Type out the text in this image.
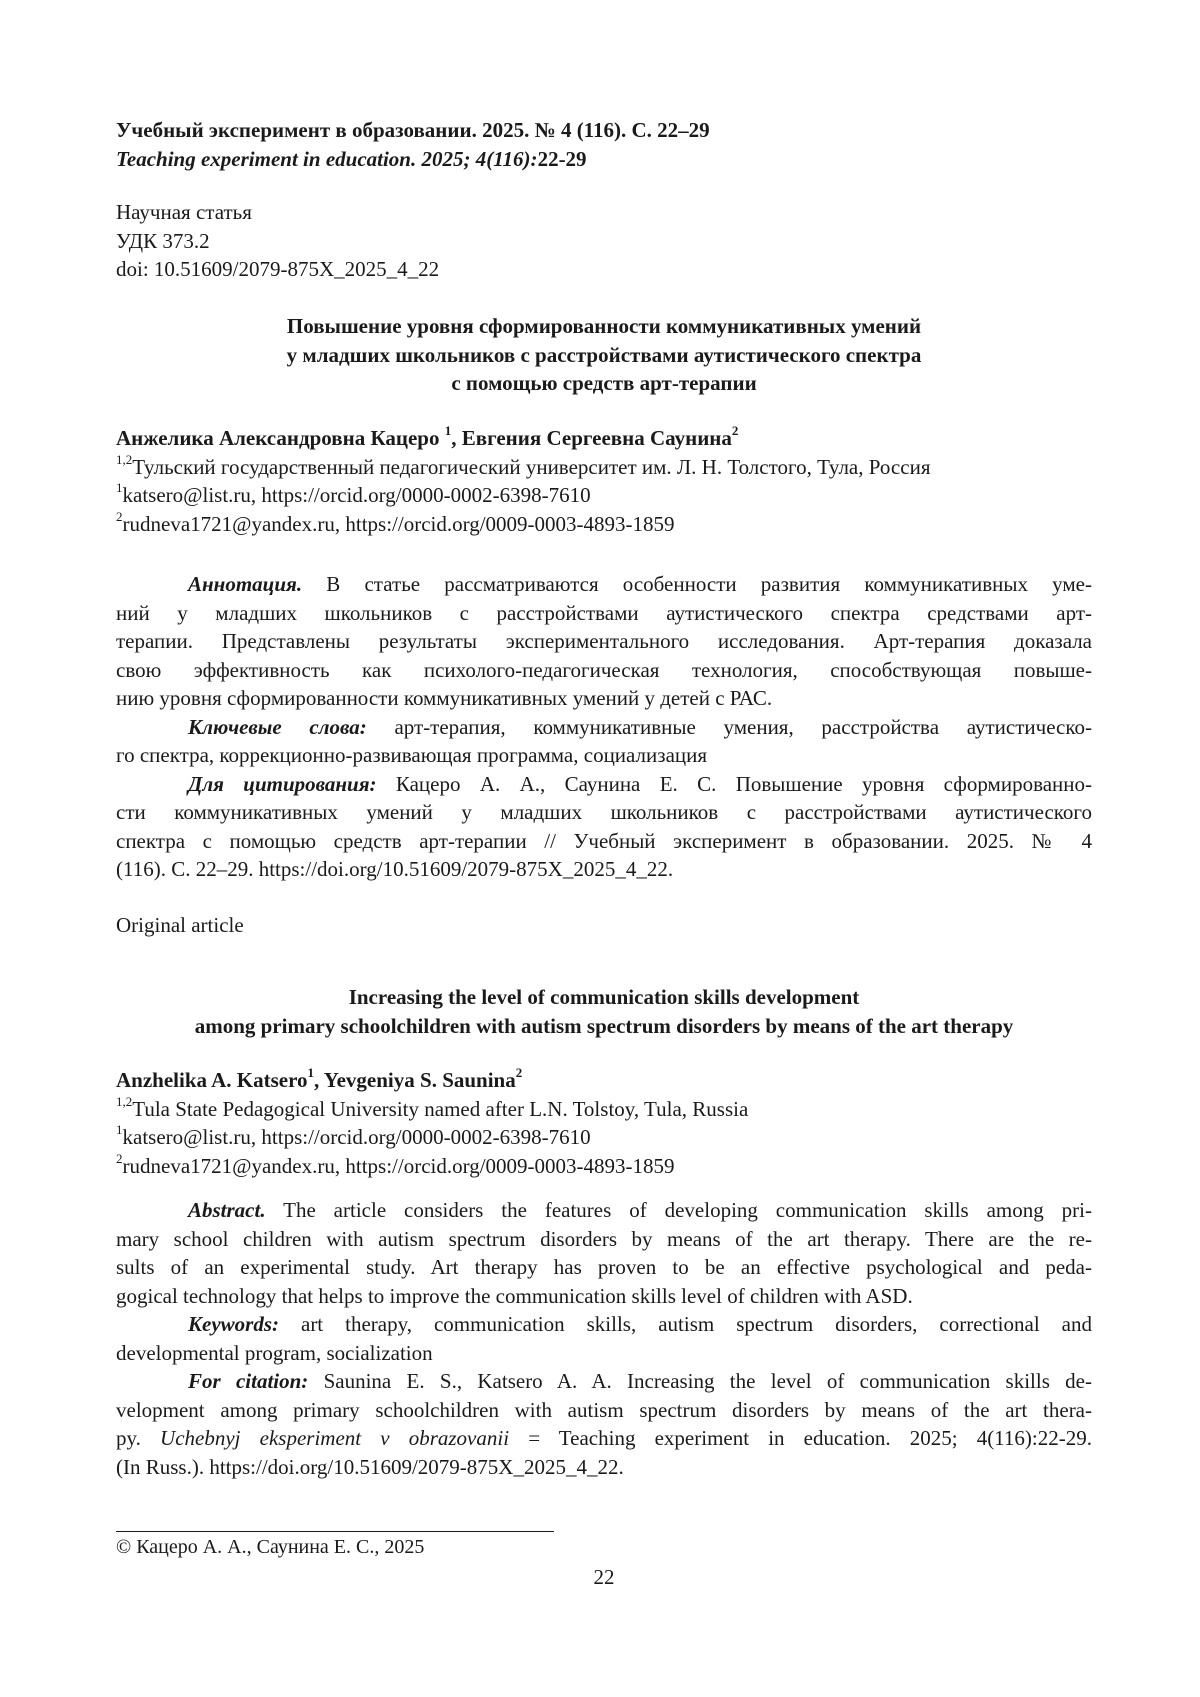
Учебный эксперимент в образовании. 2025. № 4 (116). С. 22–29
Teaching experiment in education. 2025; 4(116):22-29
Научная статья
УДК 373.2
doi: 10.51609/2079-875X_2025_4_22
Повышение уровня сформированности коммуникативных умений
у младших школьников с расстройствами аутистического спектра
с помощью средств арт-терапии
Анжелика Александровна Кацеро $^1$, Евгения Сергеевна Саунина$^2$
$^{1,2}$Тульский государственный педагогический университет им. Л. Н. Толстого, Тула, Россия
$^1$katsero@list.ru, https://orcid.org/0000-0002-6398-7610
$^2$rudneva1721@yandex.ru, https://orcid.org/0009-0003-4893-1859
Аннотация. В статье рассматриваются особенности развития коммуникативных уме-
ний у младших школьников с расстройствами аутистического спектра средствами арт-
терапии. Представлены результаты экспериментального исследования. Арт-терапия доказала
свою эффективность как психолого-педагогическая технология, способствующая повыше-
нию уровня сформированности коммуникативных умений у детей с РАС.
Ключевые слова: арт-терапия, коммуникативные умения, расстройства аутистическо-
го спектра, коррекционно-развивающая программа, социализация
Для цитирования: Кацеро А. А., Саунина Е. С. Повышение уровня сформированно-
сти коммуникативных умений у младших школьников с расстройствами аутистического
спектра с помощью средств арт-терапии // Учебный эксперимент в образовании. 2025. № 4
(116). С. 22–29. https://doi.org/10.51609/2079-875X_2025_4_22.
Original article
Increasing the level of communication skills development
among primary schoolchildren with autism spectrum disorders by means of the art therapy
Anzhelika A. Katsero$^1$, Yevgeniya S. Saunina$^2$
$^{1,2}$Tula State Pedagogical University named after L.N. Tolstoy, Tula, Russia
$^1$katsero@list.ru, https://orcid.org/0000-0002-6398-7610
$^2$rudneva1721@yandex.ru, https://orcid.org/0009-0003-4893-1859
Abstract. The article considers the features of developing communication skills among pri-
mary school children with autism spectrum disorders by means of the art therapy. There are the re-
sults of an experimental study. Art therapy has proven to be an effective psychological and peda-
gogical technology that helps to improve the communication skills level of children with ASD.
Keywords: art therapy, communication skills, autism spectrum disorders, correctional and
developmental program, socialization
For citation: Saunina E. S., Katsero A. A. Increasing the level of communication skills de-
velopment among primary schoolchildren with autism spectrum disorders by means of the art thera-
py. Uchebnyj eksperiment v obrazovanii = Teaching experiment in education. 2025; 4(116):22-29.
(In Russ.). https://doi.org/10.51609/2079-875X_2025_4_22.
© Кацеро А. А., Саунина Е. С., 2025
22
